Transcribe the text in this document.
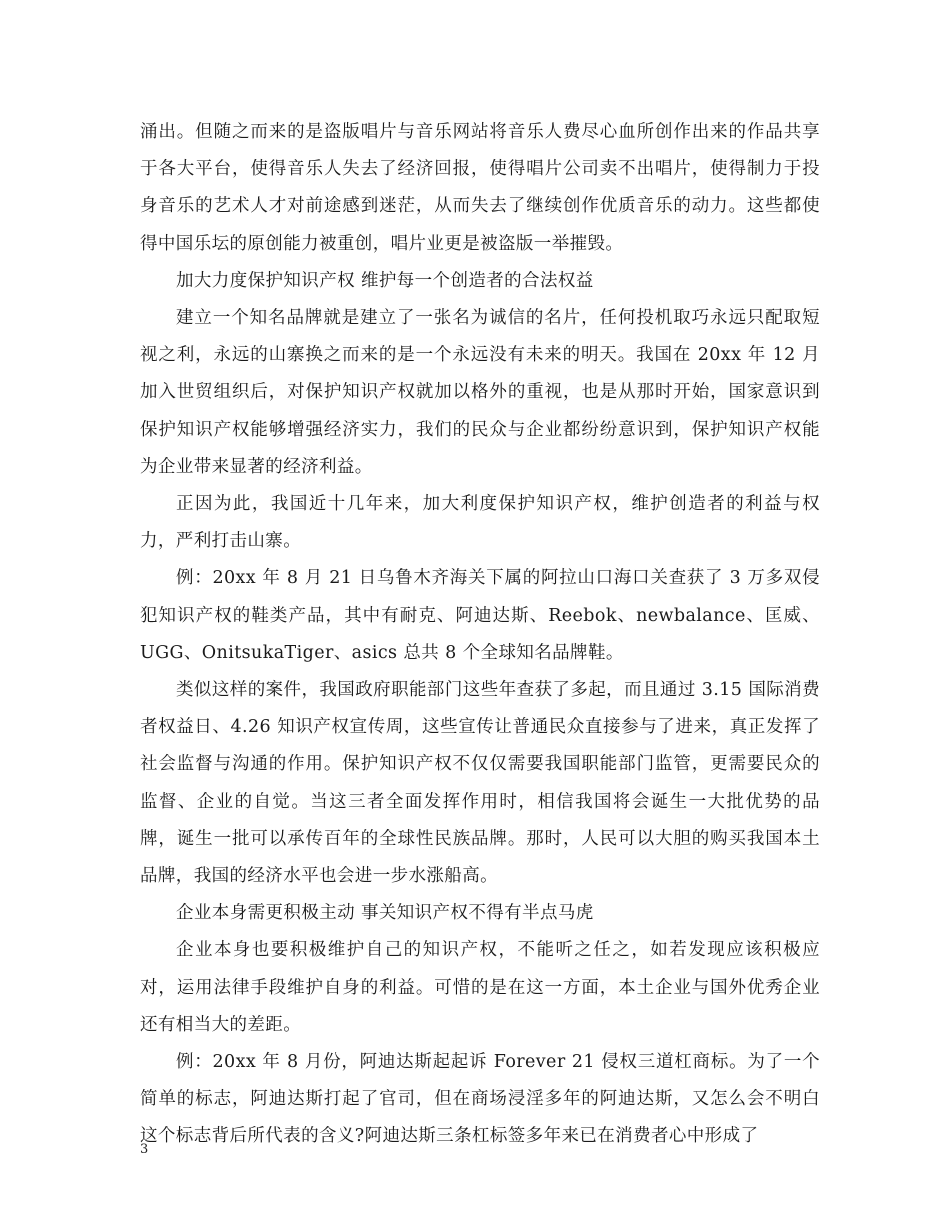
涌出。但随之而来的是盗版唱片与音乐网站将音乐人费尽心血所创作出来的作品共享于各大平台，使得音乐人失去了经济回报，使得唱片公司卖不出唱片，使得制力于投身音乐的艺术人才对前途感到迷茫，从而失去了继续创作优质音乐的动力。这些都使得中国乐坛的原创能力被重创，唱片业更是被盗版一举摧毁。

加大力度保护知识产权 维护每一个创造者的合法权益

建立一个知名品牌就是建立了一张名为诚信的名片，任何投机取巧永远只配取短视之利，永远的山寨换之而来的是一个永远没有未来的明天。我国在 20xx 年 12 月加入世贸组织后，对保护知识产权就加以格外的重视，也是从那时开始，国家意识到保护知识产权能够增强经济实力，我们的民众与企业都纷纷意识到，保护知识产权能为企业带来显著的经济利益。

正因为此，我国近十几年来，加大利度保护知识产权，维护创造者的利益与权力，严利打击山寨。

例：20xx 年 8 月 21 日乌鲁木齐海关下属的阿拉山口海口关查获了 3 万多双侵犯知识产权的鞋类产品，其中有耐克、阿迪达斯、Reebok、newbalance、匡威、UGG、OnitsukaTiger、asics 总共 8 个全球知名品牌鞋。

类似这样的案件，我国政府职能部门这些年查获了多起，而且通过 3.15 国际消费者权益日、4.26 知识产权宣传周，这些宣传让普通民众直接参与了进来，真正发挥了社会监督与沟通的作用。保护知识产权不仅仅需要我国职能部门监管，更需要民众的监督、企业的自觉。当这三者全面发挥作用时，相信我国将会诞生一大批优势的品牌，诞生一批可以承传百年的全球性民族品牌。那时，人民可以大胆的购买我国本土品牌，我国的经济水平也会进一步水涨船高。

企业本身需更积极主动 事关知识产权不得有半点马虎

企业本身也要积极维护自己的知识产权，不能听之任之，如若发现应该积极应对，运用法律手段维护自身的利益。可惜的是在这一方面，本土企业与国外优秀企业还有相当大的差距。

例：20xx 年 8 月份，阿迪达斯起起诉 Forever 21 侵权三道杠商标。为了一个简单的标志，阿迪达斯打起了官司，但在商场浸淫多年的阿迪达斯，又怎么会不明白这个标志背后所代表的含义?阿迪达斯三条杠标签多年来已在消费者心中形成了

3
